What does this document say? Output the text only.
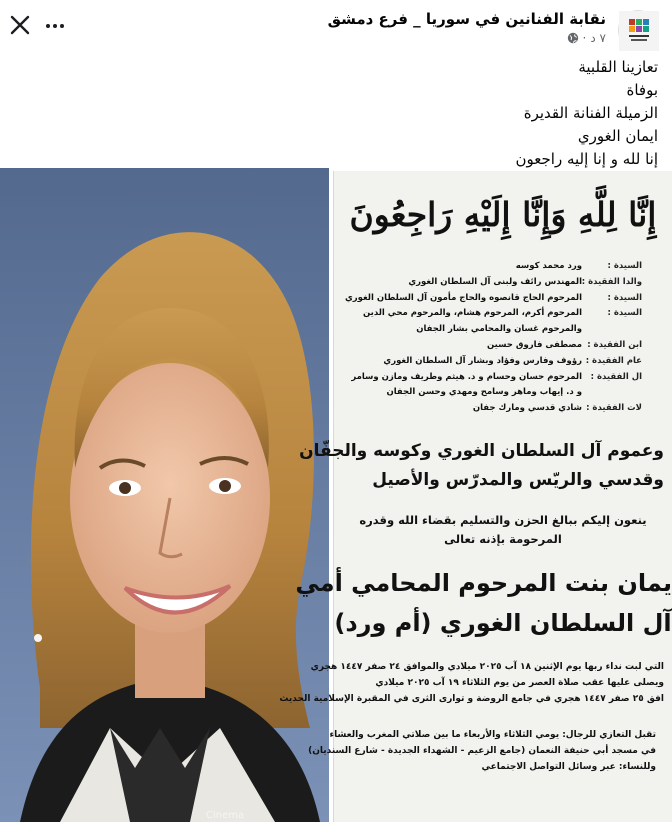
نقابة الفنانين في سوريا _ فرع دمشق
٧ د
·

تعازينا القلبية

بوفاة

الزميلة الفنانة القديرة

ايمان الغوري

إنا لله و إنا إليه راجعون

Cinema
إِنَّا لِلَّهِ وَإِنَّا إِلَيْهِ رَاجِعُونَ
السيدة :
ورد محمد كوسه
والدا الفقيدة :
المهندس رائف ولبنى آل السلطان الغوري
السيدة :
المرحوم الحاج قانصوه والحاج مأمون آل السلطان الغوري
السيدة :
المرحوم أكرم، المرحوم هشام، والمرحوم محي الدين
والمرحوم غسان والمحامي بشار الجفان
ابن الفقيدة :
مصطفى فاروق حسين
عام الفقيدة :
رؤوف وفارس وفؤاد وبشار آل السلطان الغوري
ال الفقيدة :
المرحوم حسان وحسام و د. هيثم وطريف ومازن وسامر
و د. إيهاب وماهر وسامح ومهدي وحسن الجفان
لات الفقيدة :
شادي قدسي ومارك جفان
وعموم آل السلطان الغوري وكوسه والجفّان
وقدسي والريّس والمدرّس والأصيل
ينعون إليكم ببالغ الحزن والتسليم بقضاء الله وقدره
المرحومة بإذنه تعالى
يمان بنت المرحوم المحامي أمي
آل السلطان الغوري (أم ورد)
التي لبت نداء ربها يوم الإثنين ١٨ آب ٢٠٢٥ ميلادي والموافق ٢٤ صفر ١٤٤٧ هجري
ويصلى عليها عقب صلاة العصر من يوم الثلاثاء ١٩ آب ٢٠٢٥ ميلادي
افق ٢٥ صفر ١٤٤٧ هجري في جامع الروضة و توارى الثرى في المقبرة الإسلامية الحديث
تقبل التعازي للرجال: يومي الثلاثاء والأربعاء ما بين صلاتي المغرب والعشاء
في مسجد أبي حنيفة النعمان (جامع الزعيم - الشهداء الجديدة - شارع السنديان)
وللنساء: عبر وسائل التواصل الاجتماعي
